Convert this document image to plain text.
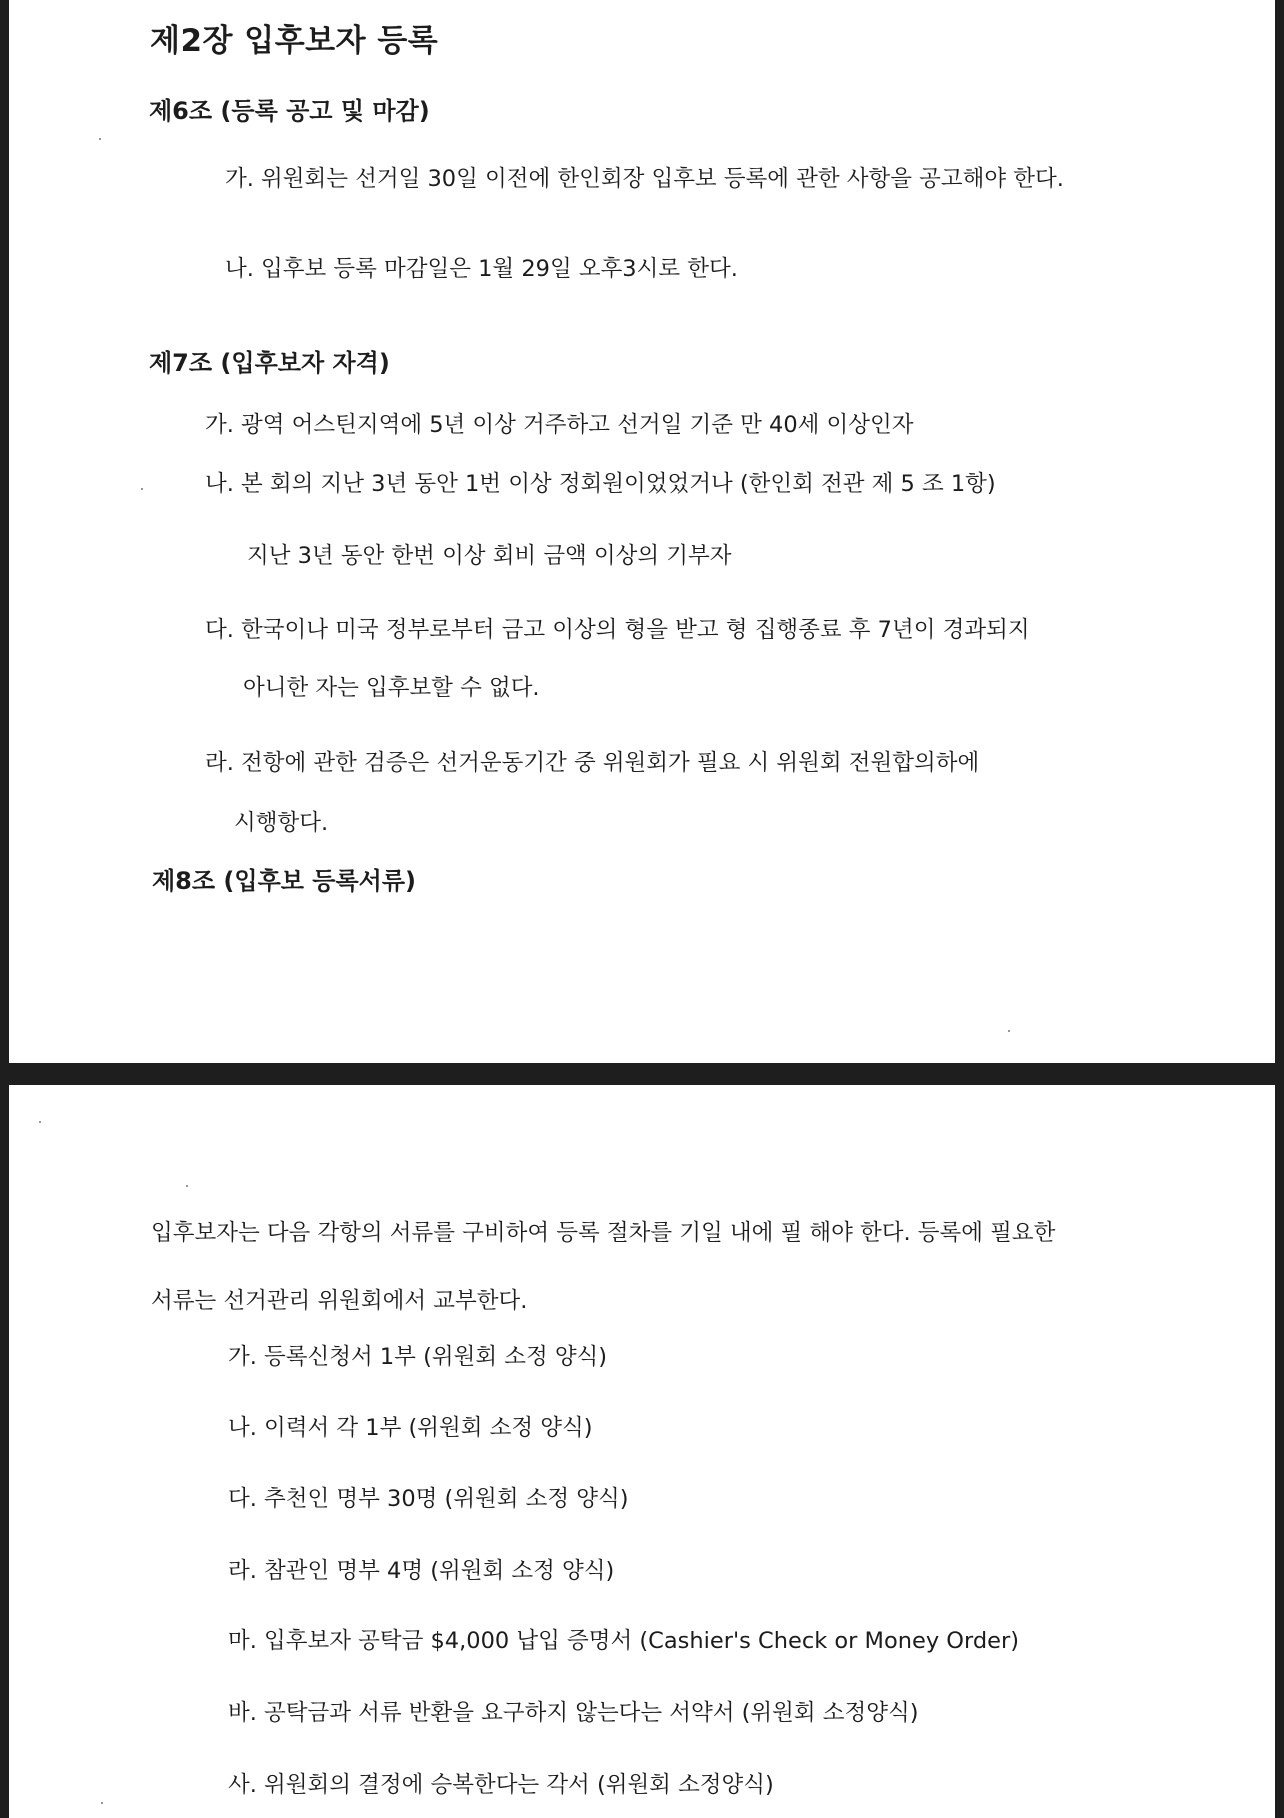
제2장 입후보자 등록
제6조 (등록 공고 및 마감)
가. 위원회는 선거일 30일 이전에 한인회장 입후보 등록에 관한 사항을 공고해야 한다.
나. 입후보 등록 마감일은 1월 29일 오후3시로 한다.
제7조 (입후보자 자격)
가. 광역 어스틴지역에 5년 이상 거주하고 선거일 기준 만 40세 이상인자
나. 본 회의 지난 3년 동안 1번 이상 정회원이었었거나 (한인회 전관 제 5 조 1항)
지난 3년 동안 한번 이상 회비 금액 이상의 기부자
다. 한국이나 미국 정부로부터 금고 이상의 형을 받고 형 집행종료 후 7년이 경과되지
아니한 자는 입후보할 수 없다.
라. 전항에 관한 검증은 선거운동기간 중 위원회가 필요 시 위원회 전원합의하에
시행항다.
제8조 (입후보 등록서류)
입후보자는 다음 각항의 서류를 구비하여 등록 절차를 기일 내에 필 해야 한다. 등록에 필요한
서류는 선거관리 위원회에서 교부한다.
가. 등록신청서 1부 (위원회 소정 양식)
나. 이력서 각 1부 (위원회 소정 양식)
다. 추천인 명부 30명 (위원회 소정 양식)
라. 참관인 명부 4명 (위원회 소정 양식)
마. 입후보자 공탁금 $4,000 납입 증명서 (Cashier's Check or Money Order)
바. 공탁금과 서류 반환을 요구하지 않는다는 서약서 (위원회 소정양식)
사. 위원회의 결정에 승복한다는 각서 (위원회 소정양식)
